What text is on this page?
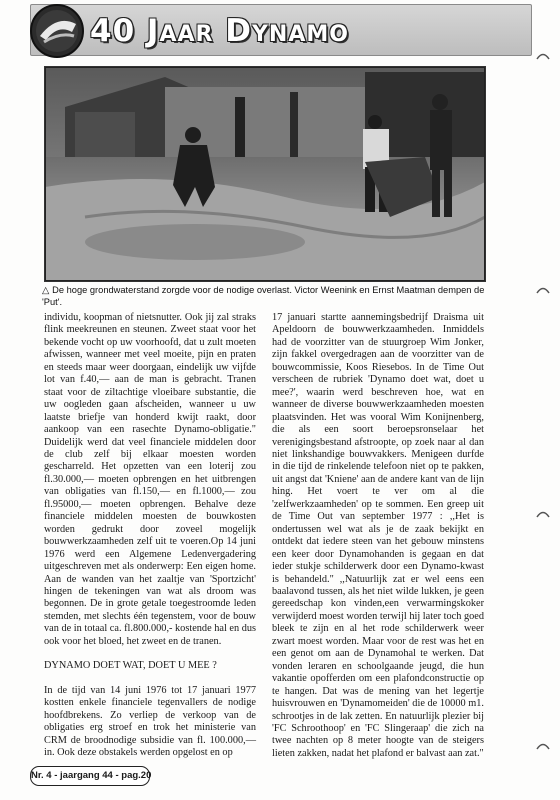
40 Jaar Dynamo
△ De hoge grondwaterstand zorgde voor de nodige overlast. Victor Weenink en Ernst Maatman dempen de 'Put'.

individu, koopman of nietsnutter. Ook jij zal straks flink meekreunen en steunen. Zweet staat voor het bekende vocht op uw voorhoofd, dat u zult moeten afwissen, wanneer met veel moeite, pijn en praten en steeds maar weer doorgaan, eindelijk uw vijfde lot van f.40,— aan de man is gebracht. Tranen staat voor de ziltachtige vloeibare substantie, die uw oogleden gaan afscheiden, wanneer u uw laatste briefje van honderd kwijt raakt, door aankoop van een rasechte Dynamo-obligatie." Duidelijk werd dat veel financiele middelen door de club zelf bij elkaar moesten worden gescharreld. Het opzetten van een loterij zou fl.30.000,— moeten opbrengen en het uitbrengen van obligaties van fl.150,— en fl.1000,— zou fl.95000,— moeten opbrengen. Behalve deze financiele middelen moesten de bouwkosten worden gedrukt door zoveel mogelijk bouwwerkzaamheden zelf uit te voeren.Op 14 juni 1976 werd een Algemene Ledenvergadering uitgeschreven met als onderwerp: Een eigen home. Aan de wanden van het zaaltje van 'Sportzicht' hingen de tekeningen van wat als droom was begonnen. De in grote getale toegestroomde leden stemden, met slechts één tegenstem, voor de bouw van de in totaal ca. fl.800.000,- kostende hal en dus ook voor het bloed, het zweet en de tranen.

DYNAMO DOET WAT, DOET U MEE ?

In de tijd van 14 juni 1976 tot 17 januari 1977 kostten enkele financiele tegenvallers de nodige hoofdbrekens. Zo verliep de verkoop van de obligaties erg stroef en trok het ministerie van CRM de broodnodige subsidie van fl. 100.000,— in. Ook deze obstakels werden opgelost en op

17 januari startte aannemingsbedrijf Draisma uit Apeldoorn de bouwwerkzaamheden. Inmiddels had de voorzitter van de stuurgroep Wim Jonker, zijn fakkel overgedragen aan de voorzitter van de bouwcommissie, Koos Riesebos. In de Time Out verscheen de rubriek 'Dynamo doet wat, doet u mee?', waarin werd beschreven hoe, wat en wanneer de diverse bouwwerkzaamheden moesten plaatsvinden. Het was vooral Wim Konijnenberg, die als een soort beroepsronselaar het verenigingsbestand afstroopte, op zoek naar al dan niet linkshandige bouwvakkers. Menigeen durfde in die tijd de rinkelende telefoon niet op te pakken, uit angst dat 'Kniene' aan de andere kant van de lijn hing. Het voert te ver om al die 'zelfwerkzaamheden' op te sommen. Een greep uit de Time Out van september 1977 : ,,Het is ondertussen wel wat als je de zaak bekijkt en ontdekt dat iedere steen van het gebouw minstens een keer door Dynamohanden is gegaan en dat ieder stukje schilderwerk door een Dynamo-kwast is behandeld." ,,Natuurlijk zat er wel eens een baalavond tussen, als het niet wilde lukken, je geen gereedschap kon vinden,een verwarmingskoker verwijderd moest worden terwijl hij later toch goed bleek te zijn en al het rode schilderwerk weer zwart moest worden. Maar voor de rest was het en een genot om aan de Dynamohal te werken. Dat vonden leraren en schoolgaande jeugd, die hun vakantie opofferden om een plafondconstructie op te hangen. Dat was de mening van het legertje huisvrouwen en 'Dynamomeiden' die de 10000 m1. schrootjes in de lak zetten. En natuurlijk plezier bij 'FC Schroothoop' en 'FC Slingeraap' die zich na twee nachten op 8 meter hoogte van de steigers lieten zakken, nadat het plafond er balvast aan zat."

Nr. 4 - jaargang 44 - pag.20
